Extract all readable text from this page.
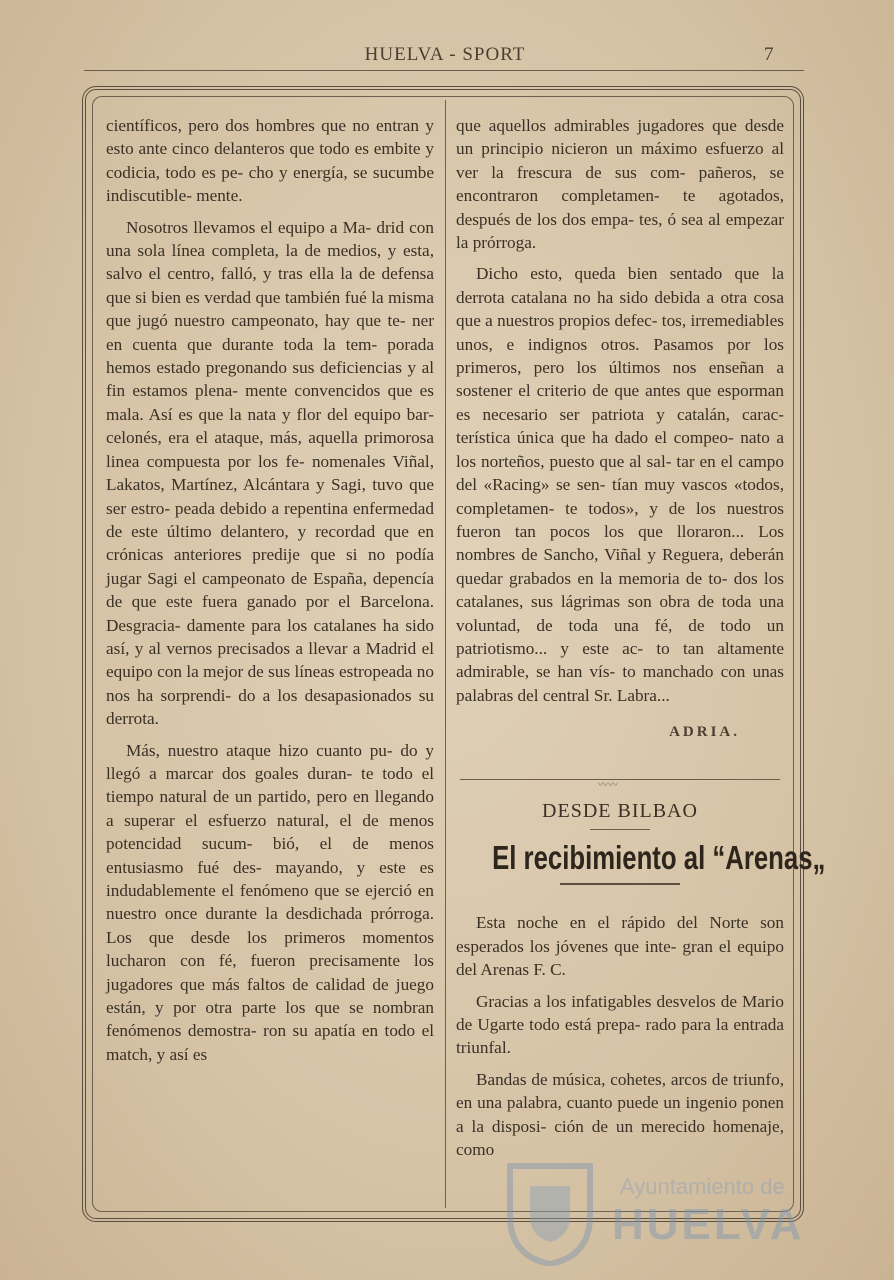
HUELVA - SPORT	7

científicos, pero dos hombres que no entran y esto ante cinco delanteros que todo es embite y codicia, todo es pe- cho y energía, se sucumbe indiscutible- mente.

Nosotros llevamos el equipo a Ma- drid con una sola línea completa, la de medios, y esta, salvo el centro, falló, y tras ella la de defensa que si bien es verdad que también fué la misma que jugó nuestro campeonato, hay que te- ner en cuenta que durante toda la tem- porada hemos estado pregonando sus deficiencias y al fin estamos plena- mente convencidos que es mala. Así es que la nata y flor del equipo bar- celonés, era el ataque, más, aquella primorosa linea compuesta por los fe- nomenales Viñal, Lakatos, Martínez, Alcántara y Sagi, tuvo que ser estro- peada debido a repentina enfermedad de este último delantero, y recordad que en crónicas anteriores predije que si no podía jugar Sagi el campeonato de España, depencía de que este fuera ganado por el Barcelona. Desgracia- damente para los catalanes ha sido así, y al vernos precisados a llevar a Madrid el equipo con la mejor de sus líneas estropeada no nos ha sorprendi- do a los desapasionados su derrota.

Más, nuestro ataque hizo cuanto pu- do y llegó a marcar dos goales duran- te todo el tiempo natural de un partido, pero en llegando a superar el esfuerzo natural, el de menos potencidad sucum- bió, el de menos entusiasmo fué des- mayando, y este es indudablemente el fenómeno que se ejerció en nuestro once durante la desdichada prórroga. Los que desde los primeros momentos lucharon con fé, fueron precisamente los jugadores que más faltos de calidad de juego están, y por otra parte los que se nombran fenómenos demostra- ron su apatía en todo el match, y así es

que aquellos admirables jugadores que desde un principio nicieron un máximo esfuerzo al ver la frescura de sus com- pañeros, se encontraron completamen- te agotados, después de los dos empa- tes, ó sea al empezar la prórroga.

Dicho esto, queda bien sentado que la derrota catalana no ha sido debida a otra cosa que a nuestros propios defec- tos, irremediables unos, e indignos otros. Pasamos por los primeros, pero los últimos nos enseñan a sostener el criterio de que antes que esporman es necesario ser patriota y catalán, carac- terística única que ha dado el compeo- nato a los norteños, puesto que al sal- tar en el campo del «Racing» se sen- tían muy vascos «todos, completamen- te todos», y de los nuestros fueron tan pocos los que lloraron... Los nombres de Sancho, Viñal y Reguera, deberán quedar grabados en la memoria de to- dos los catalanes, sus lágrimas son obra de toda una voluntad, de toda una fé, de todo un patriotismo... y este ac- to tan altamente admirable, se han vís- to manchado con unas palabras del central Sr. Labra...

ADRIA.
〰〰
DESDE BILBAO
El recibimiento al “Arenas„

Esta noche en el rápido del Norte son esperados los jóvenes que inte- gran el equipo del Arenas F. C.

Gracias a los infatigables desvelos de Mario de Ugarte todo está prepa- rado para la entrada triunfal.

Bandas de música, cohetes, arcos de triunfo, en una palabra, cuanto puede un ingenio ponen a la disposi- ción de un merecido homenaje, como

Ayuntamiento de
HUELVA
